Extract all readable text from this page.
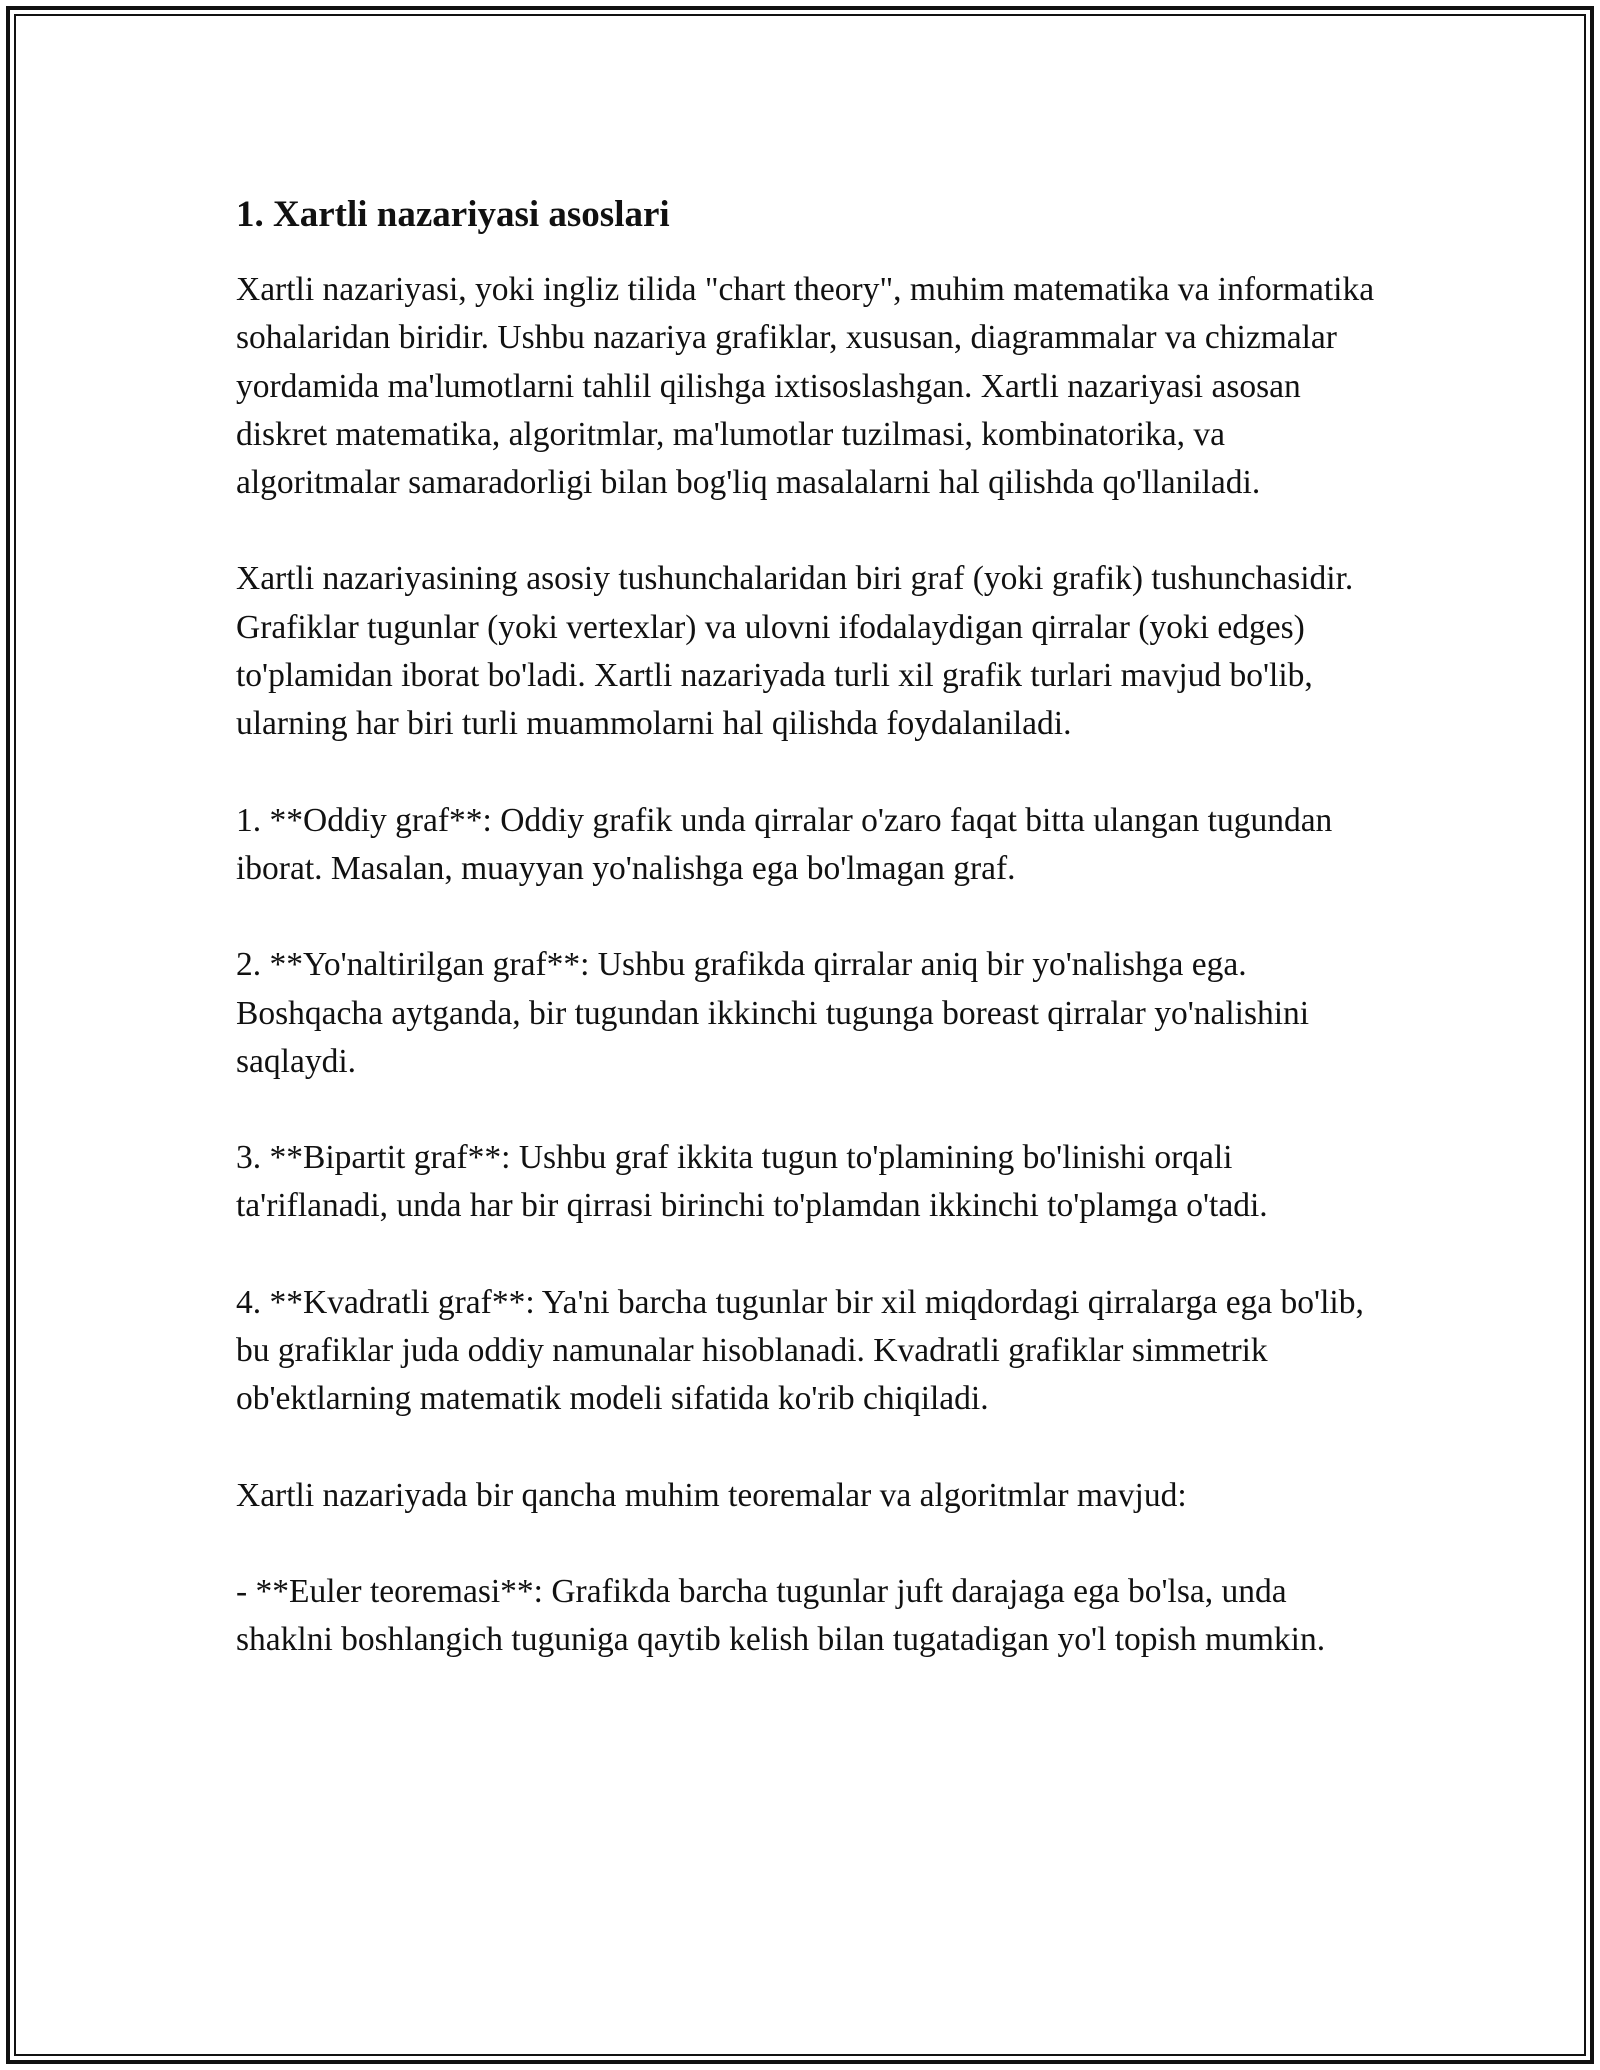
1. Xartli nazariyasi asoslari

Xartli nazariyasi, yoki ingliz tilida "chart theory", muhim matematika va informatika sohalaridan biridir. Ushbu nazariya grafiklar, xususan, diagrammalar va chizmalar yordamida ma'lumotlarni tahlil qilishga ixtisoslashgan. Xartli nazariyasi asosan diskret matematika, algoritmlar, ma'lumotlar tuzilmasi, kombinatorika, va algoritmalar samaradorligi bilan bog'liq masalalarni hal qilishda qo'llaniladi.

Xartli nazariyasining asosiy tushunchalaridan biri graf (yoki grafik) tushunchasidir. Grafiklar tugunlar (yoki vertexlar) va ulovni ifodalaydigan qirralar (yoki edges) to'plamidan iborat bo'ladi. Xartli nazariyada turli xil grafik turlari mavjud bo'lib, ularning har biri turli muammolarni hal qilishda foydalaniladi.

1. **Oddiy graf**: Oddiy grafik unda qirralar o'zaro faqat bitta ulangan tugundan iborat. Masalan, muayyan yo'nalishga ega bo'lmagan graf.

2. **Yo'naltirilgan graf**: Ushbu grafikda qirralar aniq bir yo'nalishga ega. Boshqacha aytganda, bir tugundan ikkinchi tugunga boreast qirralar yo'nalishini saqlaydi.

3. **Bipartit graf**: Ushbu graf ikkita tugun to'plamining bo'linishi orqali ta'riflanadi, unda har bir qirrasi birinchi to'plamdan ikkinchi to'plamga o'tadi.

4. **Kvadratli graf**: Ya'ni barcha tugunlar bir xil miqdordagi qirralarga ega bo'lib, bu grafiklar juda oddiy namunalar hisoblanadi. Kvadratli grafiklar simmetrik ob'ektlarning matematik modeli sifatida ko'rib chiqiladi.

Xartli nazariyada bir qancha muhim teoremalar va algoritmlar mavjud:

- **Euler teoremasi**: Grafikda barcha tugunlar juft darajaga ega bo'lsa, unda shaklni boshlangich tuguniga qaytib kelish bilan tugatadigan yo'l topish mumkin.
